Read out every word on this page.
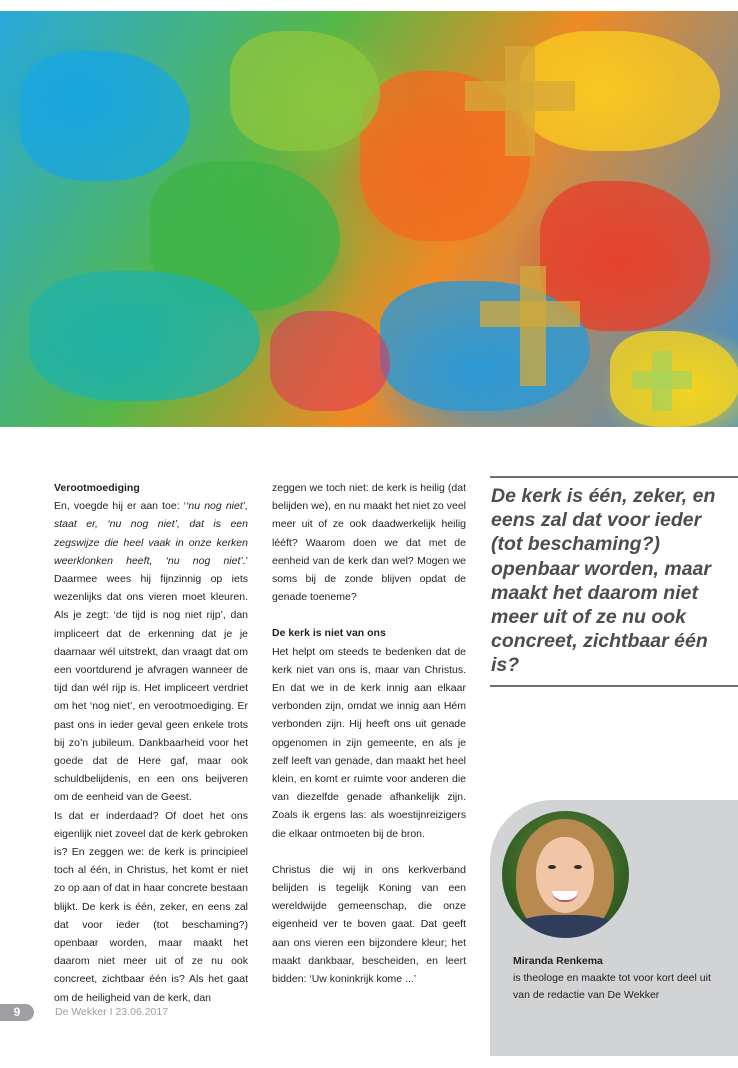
Verootmoediging

En, voegde hij er aan toe: ‘‘nu nog niet’, staat er, ‘nu nog niet’, dat is een zegswijze die heel vaak in onze kerken weerklonken heeft, ‘nu nog niet’.’ Daarmee wees hij fijnzinnig op iets wezenlijks dat ons vieren moet kleuren. Als je zegt: ‘de tijd is nog niet rijp’, dan impliceert dat de erkenning dat je je daarnaar wél uitstrekt, dan vraagt dat om een voortdurend je afvragen wanneer de tijd dan wél rijp is. Het impliceert verdriet om het ‘nog niet’, en verootmoediging. Er past ons in ieder geval geen enkele trots bij zo’n jubileum. Dankbaarheid voor het goede dat de Here gaf, maar ook schuldbelijdenis, en een ons beijveren om de eenheid van de Geest.

Is dat er inderdaad? Of doet het ons eigenlijk niet zoveel dat de kerk gebroken is? En zeggen we: de kerk is principieel toch al één, in Christus, het komt er niet zo op aan of dat in haar concrete bestaan blijkt. De kerk is één, zeker, en eens zal dat voor ieder (tot beschaming?) openbaar worden, maar maakt het daarom niet meer uit of ze nu ook concreet, zichtbaar één is? Als het gaat om de heiligheid van de kerk, dan

zeggen we toch niet: de kerk is heilig (dat belijden we), en nu maakt het niet zo veel meer uit of ze ook daadwerkelijk heilig lééft? Waarom doen we dat met de eenheid van de kerk dan wel? Mogen we soms bij de zonde blijven opdat de genade toeneme?

De kerk is niet van ons

Het helpt om steeds te bedenken dat de kerk niet van ons is, maar van Christus. En dat we in de kerk innig aan elkaar verbonden zijn, omdat we innig aan Hém verbonden zijn. Hij heeft ons uit genade opgenomen in zijn gemeente, en als je zelf leeft van genade, dan maakt het heel klein, en komt er ruimte voor anderen die van diezelfde genade afhankelijk zijn. Zoals ik ergens las: als woestijnreizigers die elkaar ontmoeten bij de bron.

Christus die wij in ons kerkverband belijden is tegelijk Koning van een wereldwijde gemeenschap, die onze eigenheid ver te boven gaat. Dat geeft aan ons vieren een bijzondere kleur; het maakt dankbaar, bescheiden, en leert bidden: ‘Uw koninkrijk kome ...’

De kerk is één, zeker, en eens zal dat voor ieder (tot beschaming?) openbaar worden, maar maakt het daarom niet meer uit of ze nu ook concreet, zichtbaar één is?
Miranda Renkema
is theologe en maakte tot voor kort deel uit van de redactie van De Wekker
9	De Wekker I 23.06.2017
